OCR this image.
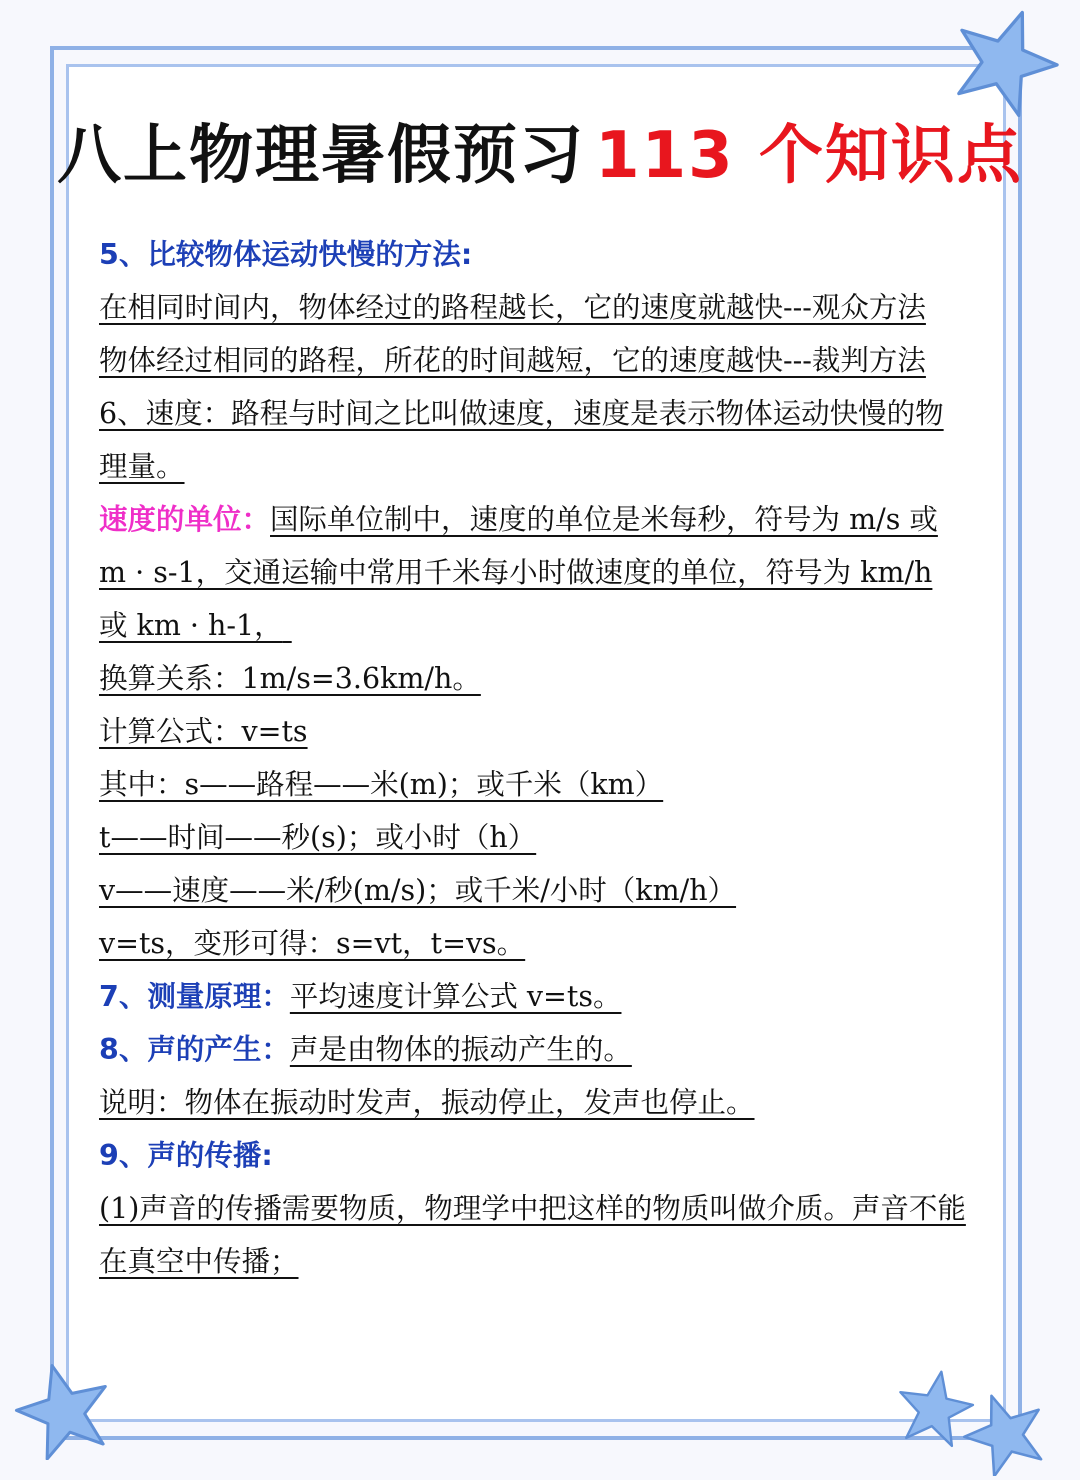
八上物理暑假预习 113 个知识点
5、比较物体运动快慢的方法:
在相同时间内，物体经过的路程越长，它的速度就越快---观众方法
物体经过相同的路程，所花的时间越短，它的速度越快---裁判方法
6、速度：路程与时间之比叫做速度，速度是表示物体运动快慢的物
理量。
速度的单位：国际单位制中，速度的单位是米每秒，符号为 m/s 或
m · s-1，交通运输中常用千米每小时做速度的单位，符号为 km/h
或 km · h-1，
换算关系：1m/s=3.6km/h。
计算公式：v=ts
其中：s——路程——米(m)；或千米（km）
t——时间——秒(s)；或小时（h）
v——速度——米/秒(m/s)；或千米/小时（km/h）
v=ts，变形可得：s=vt，t=vs。
7、测量原理：平均速度计算公式 v=ts。
8、声的产生：声是由物体的振动产生的。
说明：物体在振动时发声，振动停止，发声也停止。
9、声的传播:
(1)声音的传播需要物质，物理学中把这样的物质叫做介质。声音不能
在真空中传播；
